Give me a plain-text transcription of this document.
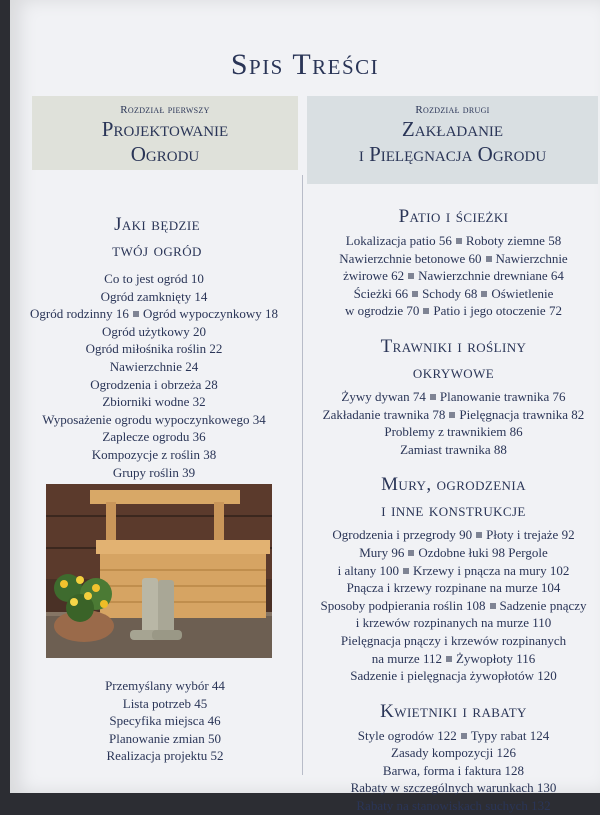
Spis Treści
Rozdział pierwszy
Projektowanie
Ogrodu
Jaki będzie
twój ogród
Co to jest ogród 10
Ogród zamknięty 14
Ogród rodzinny 16 Ogród wypoczynkowy 18
Ogród użytkowy 20
Ogród miłośnika roślin 22
Nawierzchnie 24
Ogrodzenia i obrzeża 28
Zbiorniki wodne 32
Wyposażenie ogrodu wypoczynkowego 34
Zaplecze ogrodu 36
Kompozycje z roślin 38
Grupy roślin 39
Przemyślany wybór 44
Lista potrzeb 45
Specyfika miejsca 46
Planowanie zmian 50
Realizacja projektu 52
Rozdział drugi
Zakładanie
i Pielęgnacja Ogrodu
Patio i ścieżki
Lokalizacja patio 56 Roboty ziemne 58
Nawierzchnie betonowe 60 Nawierzchnie
żwirowe 62 Nawierzchnie drewniane 64
Ścieżki 66 Schody 68 Oświetlenie
w ogrodzie 70 Patio i jego otoczenie 72
Trawniki i rośliny
okrywowe
Żywy dywan 74 Planowanie trawnika 76
Zakładanie trawnika 78 Pielęgnacja trawnika 82
Problemy z trawnikiem 86
Zamiast trawnika 88
Mury, ogrodzenia
i inne konstrukcje
Ogrodzenia i przegrody 90 Płoty i trejaże 92
Mury 96 Ozdobne łuki 98 Pergole
i altany 100 Krzewy i pnącza na mury 102
Pnącza i krzewy rozpinane na murze 104
Sposoby podpierania roślin 108 Sadzenie pnączy
i krzewów rozpinanych na murze 110
Pielęgnacja pnączy i krzewów rozpinanych
na murze 112 Żywopłoty 116
Sadzenie i pielęgnacja żywopłotów 120
Kwietniki i rabaty
Style ogrodów 122 Typy rabat 124
Zasady kompozycji 126
Barwa, forma i faktura 128
Rabaty w szczególnych warunkach 130
Rabaty na stanowiskach suchych 132
